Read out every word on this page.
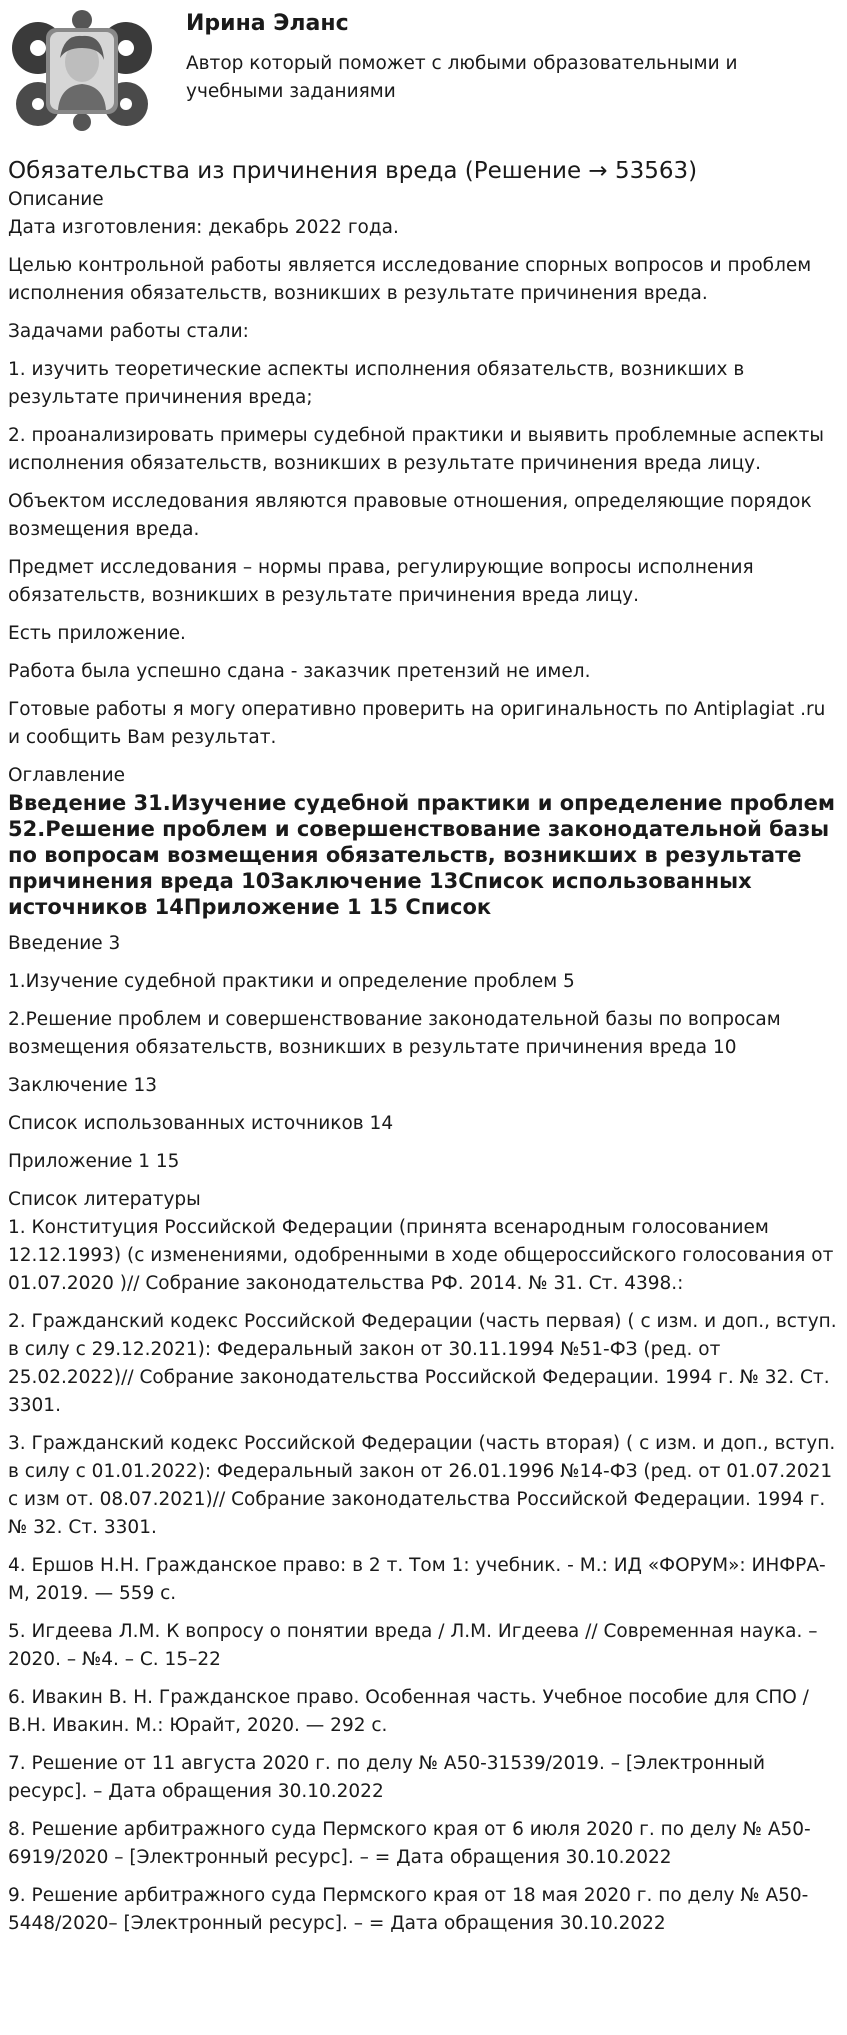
Ирина Эланс
Автор который поможет с любыми образовательными и учебными заданиями
Обязательства из причинения вреда (Решение → 53563)
Описание
Дата изготовления: декабрь 2022 года.
Целью контрольной работы является исследование спорных вопросов и проблем исполнения обязательств, возникших в результате причинения вреда.
Задачами работы стали:
1. изучить теоретические аспекты исполнения обязательств, возникших в результате причинения вреда;
2. проанализировать примеры судебной практики и выявить проблемные аспекты исполнения обязательств, возникших в результате причинения вреда лицу.
Объектом исследования являются правовые отношения, определяющие порядок возмещения вреда.
Предмет исследования – нормы права, регулирующие вопросы исполнения обязательств, возникших в результате причинения вреда лицу.
Есть приложение.
Работа была успешно сдана - заказчик претензий не имел.
Готовые работы я могу оперативно проверить на оригинальность по Antiplagiat .ru и сообщить Вам результат.
Оглавление
Введение 31.Изучение судебной практики и определение проблем 52.Решение проблем и совершенствование законодательной базы по вопросам возмещения обязательств, возникших в результате причинения вреда 10Заключение 13Список использованных источников 14Приложение 1 15 Список
Введение 3
1.Изучение судебной практики и определение проблем 5
2.Решение проблем и совершенствование законодательной базы по вопросам возмещения обязательств, возникших в результате причинения вреда 10
Заключение 13
Список использованных источников 14
Приложение 1 15
Список литературы
1. Конституция Российской Федерации (принята всенародным голосованием 12.12.1993) (с изменениями, одобренными в ходе общероссийского голосования от 01.07.2020 )// Собрание законодательства РФ. 2014. № 31. Ст. 4398.:
2. Гражданский кодекс Российской Федерации (часть первая) ( с изм. и доп., вступ. в силу с 29.12.2021): Федеральный закон от 30.11.1994 №51-ФЗ (ред. от 25.02.2022)// Собрание законодательства Российской Федерации. 1994 г. № 32. Ст. 3301.
3. Гражданский кодекс Российской Федерации (часть вторая) ( с изм. и доп., вступ. в силу с 01.01.2022): Федеральный закон от 26.01.1996 №14-ФЗ (ред. от 01.07.2021 с изм от. 08.07.2021)// Собрание законодательства Российской Федерации. 1994 г. № 32. Ст. 3301.
4. Ершов Н.Н. Гражданское право: в 2 т. Том 1: учебник. - М.: ИД «ФОРУМ»: ИНФРА-М, 2019. — 559 с.
5. Игдеева Л.М. К вопросу о понятии вреда / Л.М. Игдеева // Современная наука. – 2020. – №4. – С. 15–22
6. Ивакин В. Н. Гражданское право. Особенная часть. Учебное пособие для СПО / В.Н. Ивакин. М.: Юрайт, 2020. — 292 с.
7. Решение от 11 августа 2020 г. по делу № А50-31539/2019. – [Электронный ресурс]. – Дата обращения 30.10.2022
8. Решение арбитражного суда Пермского края от 6 июля 2020 г. по делу № А50-6919/2020 – [Электронный ресурс]. – = Дата обращения 30.10.2022
9. Решение арбитражного суда Пермского края от 18 мая 2020 г. по делу № А50-5448/2020– [Электронный ресурс]. – = Дата обращения 30.10.2022
